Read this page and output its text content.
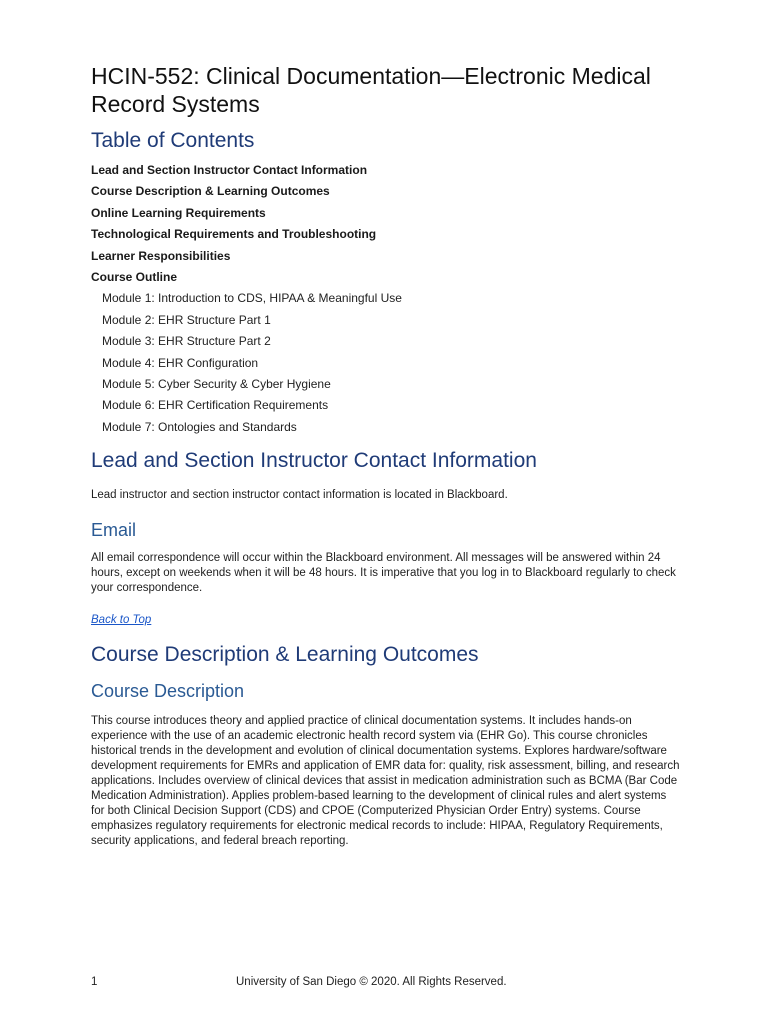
HCIN-552: Clinical Documentation—Electronic Medical Record Systems
Table of Contents
Lead and Section Instructor Contact Information
Course Description & Learning Outcomes
Online Learning Requirements
Technological Requirements and Troubleshooting
Learner Responsibilities
Course Outline
Module 1: Introduction to CDS, HIPAA & Meaningful Use
Module 2: EHR Structure Part 1
Module 3: EHR Structure Part 2
Module 4: EHR Configuration
Module 5: Cyber Security & Cyber Hygiene
Module 6: EHR Certification Requirements
Module 7: Ontologies and Standards
Lead and Section Instructor Contact Information

Lead instructor and section instructor contact information is located in Blackboard.

Email

All email correspondence will occur within the Blackboard environment. All messages will be answered within 24 hours, except on weekends when it will be 48 hours. It is imperative that you log in to Blackboard regularly to check your correspondence.

Back to Top
Course Description & Learning Outcomes
Course Description

This course introduces theory and applied practice of clinical documentation systems. It includes hands-on experience with the use of an academic electronic health record system via (EHR Go). This course chronicles historical trends in the development and evolution of clinical documentation systems. Explores hardware/software development requirements for EMRs and application of EMR data for: quality, risk assessment, billing, and research applications. Includes overview of clinical devices that assist in medication administration such as BCMA (Bar Code Medication Administration). Applies problem-based learning to the development of clinical rules and alert systems for both Clinical Decision Support (CDS) and CPOE (Computerized Physician Order Entry) systems. Course emphasizes regulatory requirements for electronic medical records to include: HIPAA, Regulatory Requirements, security applications, and federal breach reporting.

1	University of San Diego © 2020. All Rights Reserved.
